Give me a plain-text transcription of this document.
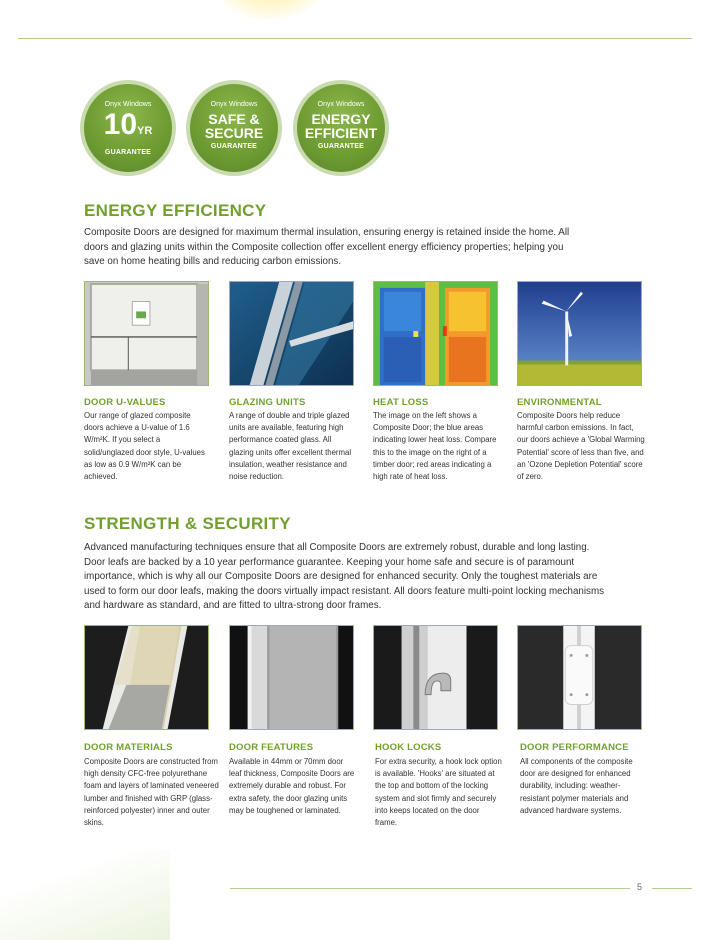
Onyx Windows
10YR
GUARANTEE
Onyx Windows
SAFE &
SECURE
GUARANTEE
Onyx Windows
ENERGY
EFFICIENT
GUARANTEE
ENERGY EFFICIENCY
Composite Doors are designed for maximum thermal insulation, ensuring energy is retained inside the home. All doors and glazing units within the Composite collection offer excellent energy efficiency properties; helping you save on home heating bills and reducing carbon emissions.
DOOR U-VALUES
Our range of glazed composite doors achieve a U-value of 1.6 W/m²K. If you select a solid/unglazed door style, U-values as low as 0.9 W/m²K can be achieved.
GLAZING UNITS
A range of double and triple glazed units are available, featuring high performance coated glass. All glazing units offer excellent thermal insulation, weather resistance and noise reduction.
HEAT LOSS
The image on the left shows a Composite Door; the blue areas indicating lower heat loss. Compare this to the image on the right of a timber door; red areas indicating a high rate of heat loss.
ENVIRONMENTAL
Composite Doors help reduce harmful carbon emissions. In fact, our doors achieve a 'Global Warming Potential' score of less than five, and an 'Ozone Depletion Potential' score of zero.
STRENGTH & SECURITY
Advanced manufacturing techniques ensure that all Composite Doors are extremely robust, durable and long lasting. Door leafs are backed by a 10 year performance guarantee. Keeping your home safe and secure is of paramount importance, which is why all our Composite Doors are designed for enhanced security. Only the toughest materials are used to form our door leafs, making the doors virtually impact resistant. All doors feature multi-point locking mechanisms and hardware as standard, and are fitted to ultra-strong door frames.
DOOR MATERIALS
Composite Doors are constructed from high density CFC-free polyurethane foam and layers of laminated veneered lumber and finished with GRP (glass-reinforced polyester) inner and outer skins.
DOOR FEATURES
Available in 44mm or 70mm door leaf thickness, Composite Doors are extremely durable and robust. For extra safety, the door glazing units may be toughened or laminated.
HOOK LOCKS
For extra security, a hook lock option is available. 'Hooks' are situated at the top and bottom of the locking system and slot firmly and securely into keeps located on the door frame.
DOOR PERFORMANCE
All components of the composite door are designed for enhanced durability, including: weather-resistant polymer materials and advanced hardware systems.
5
